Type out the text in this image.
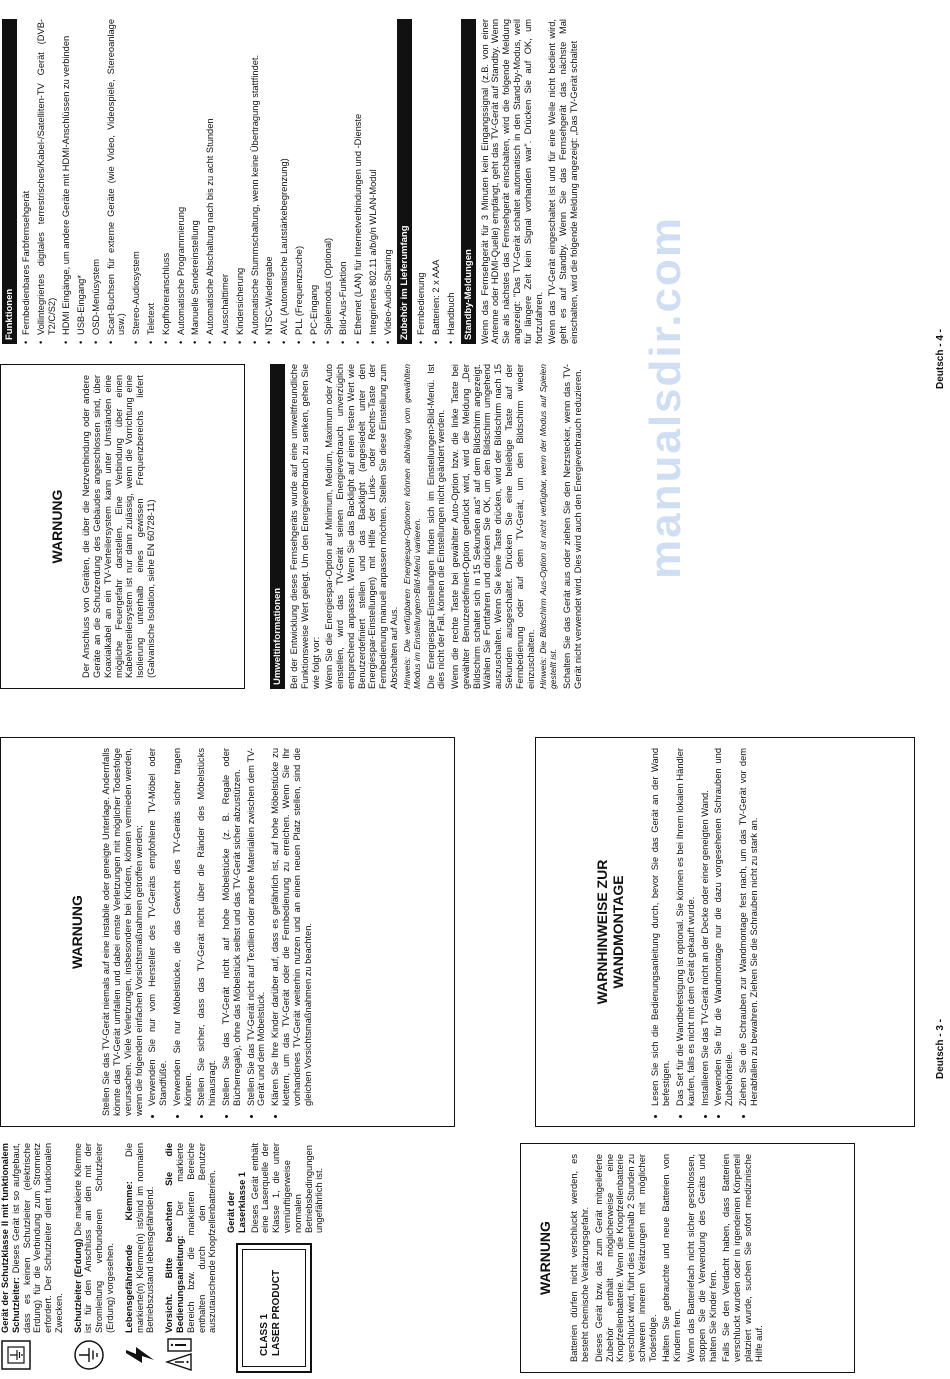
Gerät der Schutzklasse II mit funktionalem Schutzleiter: Dieses Gerät ist so aufgebaut, dass es keinen Schutzleiter (elektrische Erdung) für die Verbindung zum Stromnetz erfordert. Der Schutzleiter dient funktionalen Zwecken. Schutzleiter (Erdung) Die markierte Klemme ist für den Anschluss an den mit der Stromleitung verbundenen Schutzleiter (Erdung) vorgesehen. Lebensgefährdende Klemme: Die markierte(n) Klemme(n) ist/sind im normalen Betriebszustand lebensgefährdend. Vorsicht. Bitte beachten Sie die Bedienungsanleitung: Der markierte Bereich bzw. die markierten Bereiche enthalten durch den Benutzer auszutauschende Knopfzellenbatterien.
CLASS 1 LASER PRODUCT
Gerät der Laserklasse 1 Dieses Gerät enthält eine Laserquelle der Klasse 1, die unter vernünftigerweise normalen Betriebsbedingungen ungefährlich ist.

WARNUNG Batterien dürfen nicht verschluckt werden, es besteht chemische Verätzungsgefahr. Dieses Gerät bzw. das zum Gerät mitgelieferte Zubehör enthält möglicherweise eine Knopfzellenbatterie. Wenn die Knopfzellenbatterie verschluckt wird, führt dies innerhalb 2 Stunden zu schweren inneren Verätzungen mit möglicher Todesfolge. Halten Sie gebrauchte und neue Batterien von Kindern fern. Wenn das Batteriefach nicht sicher geschlossen, stoppen Sie die Verwendung des Geräts und halten Sie Kinder fern. Falls Sie den Verdacht haben, dass Batterien verschluckt wurden oder in irgendeinen Körperteil platziert wurde, suchen Sie sofort medizinische Hilfe auf.

WARNUNG Stellen Sie das TV-Gerät niemals auf eine instabile oder geneigte Unterlage. Andernfalls könnte das TV-Gerät umfallen und dabei ernste Verletzungen mit möglicher Todesfolge verursachen. Viele Verletzungen, insbesondere bei Kindern, können vermieden werden, wenn die folgenden einfachen Vorsichtsmaßnahmen getroffen werden; • Verwenden Sie nur vom Hersteller des TV-Geräts empfohlene TV-Möbel oder Standfüße. • Verwenden Sie nur Möbelstücke, die das Gewicht des TV-Geräts sicher tragen können. • Stellen Sie sicher, dass das TV-Gerät nicht über die Ränder des Möbelstücks hinausragt. • Stellen Sie das TV-Gerät nicht auf hohe Möbelstücke (z. B. Regale oder Bücherregale), ohne das Möbelstück selbst und das TV-Gerät sicher abzustützen. • Stellen Sie das TV-Gerät nicht auf Textilien oder andere Materialien zwischen dem TV-Gerät und dem Möbelstück. • Klären Sie Ihre Kinder darüber auf, dass es gefährlich ist, auf hohe Möbelstücke zu klettern, um das TV-Gerät oder die Fernbedienung zu erreichen. Wenn Sie Ihr vorhandenes TV-Gerät weiterhin nutzen und an einen neuen Platz stellen, sind die gleichen Vorsichtsmaßnahmen zu beachten.	WARNHINWEISE ZUR WANDMONTAGE	• Lesen Sie sich die Bedienungsanleitung durch, bevor Sie das Gerät an der Wand befestigen. • Das Set für die Wandbefestigung ist optional. Sie können es bei Ihrem lokalen Händler kaufen, falls es nicht mit dem Gerät gekauft wurde. • Installieren Sie das TV-Gerät nicht an der Decke oder einer geneigten Wand. • Verwenden Sie für die Wandmontage nur die dazu vorgesehenen Schrauben und Zubehörteile. • Ziehen Sie die Schrauben zur Wandmontage fest nach, um das TV-Gerät vor dem Herabfallen zu bewahren. Ziehen Sie die Schrauben nicht zu stark an.	Deutsch - 3 -
WARNUNG Der Anschluss von Geräten, die über die Netzverbindung oder andere Geräte an die Schutzerdung des Gebäudes angeschlossen sind, über Koaxialkabel an ein TV-Verteilersystem kann unter Umständen eine mögliche Feuergefahr darstellen. Eine Verbindung über einen Kabelverteilersystem ist nur dann zulässig, wenn die Vorrichtung eine Isolierung unterhalb eines gewissen Frequenzbereichs liefert (Galvanische Isolation, siehe EN 60728-11)	Umweltinformationen Bei der Entwicklung dieses Fernsehgeräts wurde auf eine umweltfreundliche Funktionsweise Wert gelegt. Um den Energieverbrauch zu senken, gehen Sie wie folgt vor: Wenn Sie die Energiespar-Option auf Minimum, Medium, Maximum oder Auto einstellen, wird das TV-Gerät seinen Energieverbrauch unverzüglich entsprechend anpassen. Wenn Sie das Backlight auf einen festen Wert wie Benutzerdefiniert stellen und das Backlight (angesiedelt unter den Energiespar-Einstellungen) mit Hilfe der Links- oder Rechts-Taste der Fernbedienung manuell anpassen möchten. Stellen Sie diese Einstellung zum Abschalten auf Aus. Hinweis: Die verfügbaren Energiespar-Optionen können abhängig vom gewählten Modus im Einstellungen>Bild-Menü variieren. Die Energiespar-Einstellungen finden sich im Einstellungen>Bild-Menü. Ist dies nicht der Fall, können die Einstellungen nicht geändert werden. Wenn die rechte Taste bei gewählter Auto-Option bzw. die linke Taste bei gewählter Benutzerdefiniert-Option gedrückt wird, wird die Meldung „Der Bildschirm schaltet sich in 15 Sekunden aus“ auf dem Bildschirm angezeigt. Wählen Sie Fortfahren und drücken Sie OK, um den Bildschirm umgehend auszuschalten. Wenn Sie keine Taste drücken, wird der Bildschirm nach 15 Sekunden ausgeschaltet. Drücken Sie eine beliebige Taste auf der Fernbedienung oder auf dem TV-Gerät, um den Bildschirm wieder einzuschalten. Hinweis: Die Bildschirm Aus-Option ist nicht verfügbar, wenn der Modus auf Spielen gestellt ist. Schalten Sie das Gerät aus oder ziehen Sie den Netzstecker, wenn das TV-Gerät nicht verwendet wird. Dies wird auch den Energieverbrauch reduzieren.

Funktionen • Fernbedienbares Farbfernsehgerät • Vollintegriertes digitales terrestrisches/Kabel-/Satelliten-TV Gerät (DVB-T2/C/S2) • HDMI Eingänge, um andere Geräte mit HDMI-Anschlüssen zu verbinden • USB-Eingang* • OSD-Menüsystem • Scart-Buchsen für externe Geräte (wie Video, Videospiele, Stereoanlage usw.) • Stereo-Audiosystem • Teletext • Kopfhöreranschluss • Automatische Programmierung • Manuelle Sendereinstellung • Automatische Abschaltung nach bis zu acht Stunden • Ausschalttimer • Kindersicherung • Automatische Stummschaltung, wenn keine Übertragung stattfindet. • NTSC-Wiedergabe • AVL (Automatische Lautstärkebegrenzung) • PLL (Frequenzsuche) • PC-Eingang • Spielemodus (Optional) • Bild-Aus-Funktion • Ethernet (LAN) für Internetverbindungen und -Dienste • Integriertes 802.11 a/b/g/n WLAN-Modul • Video-Audio-Sharing Zubehör im Lieferumfang • Fernbedienung • Batterien: 2 x AAA • Handbuch Standby-Meldungen Wenn das Fernsehgerät für 3 Minuten kein Eingangssignal (z.B. von einer Antenne oder HDMI-Quelle) empfängt, geht das TV-Gerät auf Standby. Wenn Sie als nächstes das Fernsehgerät einschalten, wird die folgende Meldung angezeigt: "Das TV-Gerät schaltet automatisch in den Stand-by-Modus, weil für längere Zeit kein Signal vorhanden war". Drücken Sie auf OK, um fortzufahren. Wenn das TV-Gerät eingeschaltet ist und für eine Weile nicht bedient wird, geht es auf Standby. Wenn Sie das Fernsehgerät das nächste Mal einschalten, wird die folgende Meldung angezeigt: „Das TV-Gerät schaltet

manualsdir.com	Deutsch - 4 -
